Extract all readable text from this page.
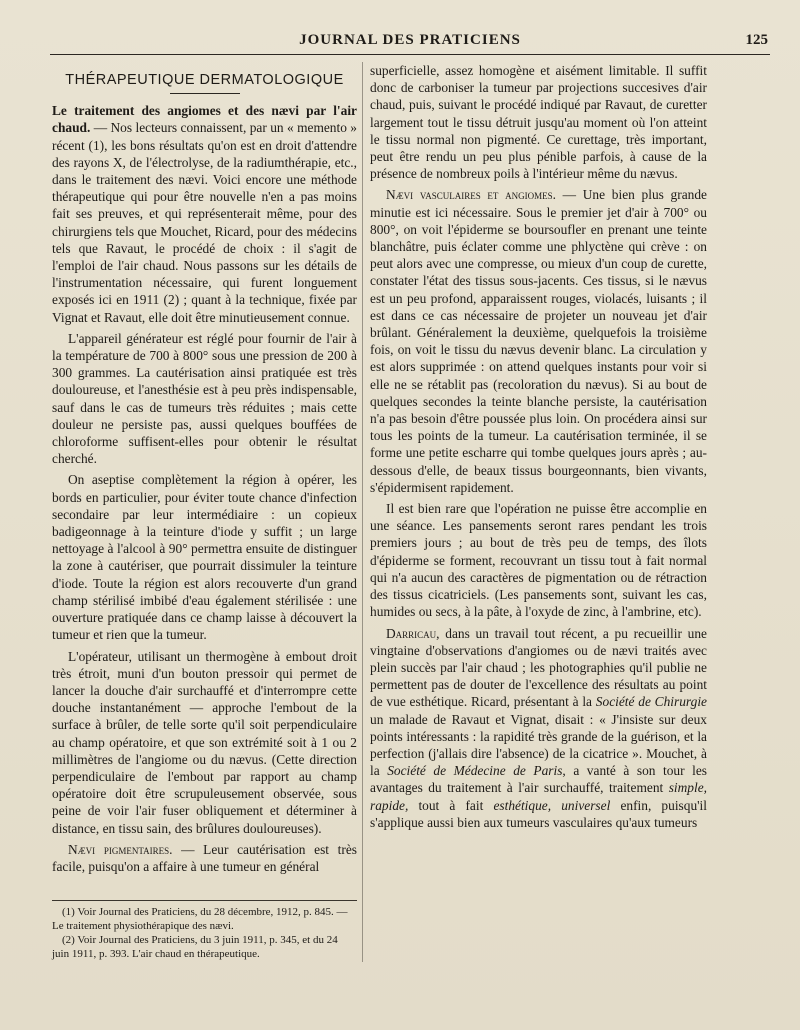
JOURNAL DES PRATICIENS	125
THÉRAPEUTIQUE DERMATOLOGIQUE

Le traitement des angiomes et des nævi par l'air chaud. — Nos lecteurs connaissent, par un « memento » récent (1), les bons résultats qu'on est en droit d'attendre des rayons X, de l'électrolyse, de la radiumthérapie, etc., dans le traitement des nævi. Voici encore une méthode thérapeutique qui pour être nouvelle n'en a pas moins fait ses preuves, et qui représenterait même, pour des chirurgiens tels que Mouchet, Ricard, pour des médecins tels que Ravaut, le procédé de choix : il s'agit de l'emploi de l'air chaud. Nous passons sur les détails de l'instrumentation nécessaire, qui furent longuement exposés ici en 1911 (2) ; quant à la technique, fixée par Vignat et Ravaut, elle doit être minutieusement connue.

L'appareil générateur est réglé pour fournir de l'air à la température de 700 à 800° sous une pression de 200 à 300 grammes. La cautérisation ainsi pratiquée est très douloureuse, et l'anesthésie est à peu près indispensable, sauf dans le cas de tumeurs très réduites ; mais cette douleur ne persiste pas, aussi quelques bouffées de chloroforme suffisent-elles pour obtenir le résultat cherché.

On aseptise complètement la région à opérer, les bords en particulier, pour éviter toute chance d'infection secondaire par leur intermédiaire : un copieux badigeonnage à la teinture d'iode y suffit ; un large nettoyage à l'alcool à 90° permettra ensuite de distinguer la zone à cautériser, que pourrait dissimuler la teinture d'iode. Toute la région est alors recouverte d'un grand champ stérilisé imbibé d'eau également stérilisée : une ouverture pratiquée dans ce champ laisse à découvert la tumeur et rien que la tumeur.

L'opérateur, utilisant un thermogène à embout droit très étroit, muni d'un bouton pressoir qui permet de lancer la douche d'air surchauffé et d'interrompre cette douche instantanément — approche l'embout de la surface à brûler, de telle sorte qu'il soit perpendiculaire au champ opératoire, et que son extrémité soit à 1 ou 2 millimètres de l'angiome ou du nævus. (Cette direction perpendiculaire de l'embout par rapport au champ opératoire doit être scrupuleusement observée, sous peine de voir l'air fuser obliquement et déterminer à distance, en tissu sain, des brûlures douloureuses).

Nævi pigmentaires. — Leur cautérisation est très facile, puisqu'on a affaire à une tumeur en général

(1) Voir Journal des Praticiens, du 28 décembre, 1912, p. 845. — Le traitement physiothérapique des nævi.

(2) Voir Journal des Praticiens, du 3 juin 1911, p. 345, et du 24 juin 1911, p. 393. L'air chaud en thérapeutique.

superficielle, assez homogène et aisément limitable. Il suffit donc de carboniser la tumeur par projections succesives d'air chaud, puis, suivant le procédé indiqué par Ravaut, de curetter largement tout le tissu détruit jusqu'au moment où l'on atteint le tissu normal non pigmenté. Ce curettage, très important, peut être rendu un peu plus pénible parfois, à cause de la présence de nombreux poils à l'intérieur même du nævus.

Nævi vasculaires et angiomes. — Une bien plus grande minutie est ici nécessaire. Sous le premier jet d'air à 700° ou 800°, on voit l'épiderme se boursoufler en prenant une teinte blanchâtre, puis éclater comme une phlyctène qui crève : on peut alors avec une compresse, ou mieux d'un coup de curette, constater l'état des tissus sous-jacents. Ces tissus, si le nævus est un peu profond, apparaissent rouges, violacés, luisants ; il est dans ce cas nécessaire de projeter un nouveau jet d'air brûlant. Généralement la deuxième, quelquefois la troisième fois, on voit le tissu du nævus devenir blanc. La circulation y est alors supprimée : on attend quelques instants pour voir si elle ne se rétablit pas (recoloration du nævus). Si au bout de quelques secondes la teinte blanche persiste, la cautérisation n'a pas besoin d'être poussée plus loin. On procédera ainsi sur tous les points de la tumeur. La cautérisation terminée, il se forme une petite escharre qui tombe quelques jours après ; au-dessous d'elle, de beaux tissus bourgeonnants, bien vivants, s'épidermisent rapidement.

Il est bien rare que l'opération ne puisse être accomplie en une séance. Les pansements seront rares pendant les trois premiers jours ; au bout de très peu de temps, des îlots d'épiderme se forment, recouvrant un tissu tout à fait normal qui n'a aucun des caractères de pigmentation ou de rétraction des tissus cicatriciels. (Les pansements sont, suivant les cas, humides ou secs, à la pâte, à l'oxyde de zinc, à l'ambrine, etc).

Darricau, dans un travail tout récent, a pu recueillir une vingtaine d'observations d'angiomes ou de nævi traités avec plein succès par l'air chaud ; les photographies qu'il publie ne permettent pas de douter de l'excellence des résultats au point de vue esthétique. Ricard, présentant à la Société de Chirurgie un malade de Ravaut et Vignat, disait : « J'insiste sur deux points intéressants : la rapidité très grande de la guérison, et la perfection (j'allais dire l'absence) de la cicatrice ». Mouchet, à la Société de Médecine de Paris, a vanté à son tour les avantages du traitement à l'air surchauffé, traitement simple, rapide, tout à fait esthétique, universel enfin, puisqu'il s'applique aussi bien aux tumeurs vasculaires qu'aux tumeurs
